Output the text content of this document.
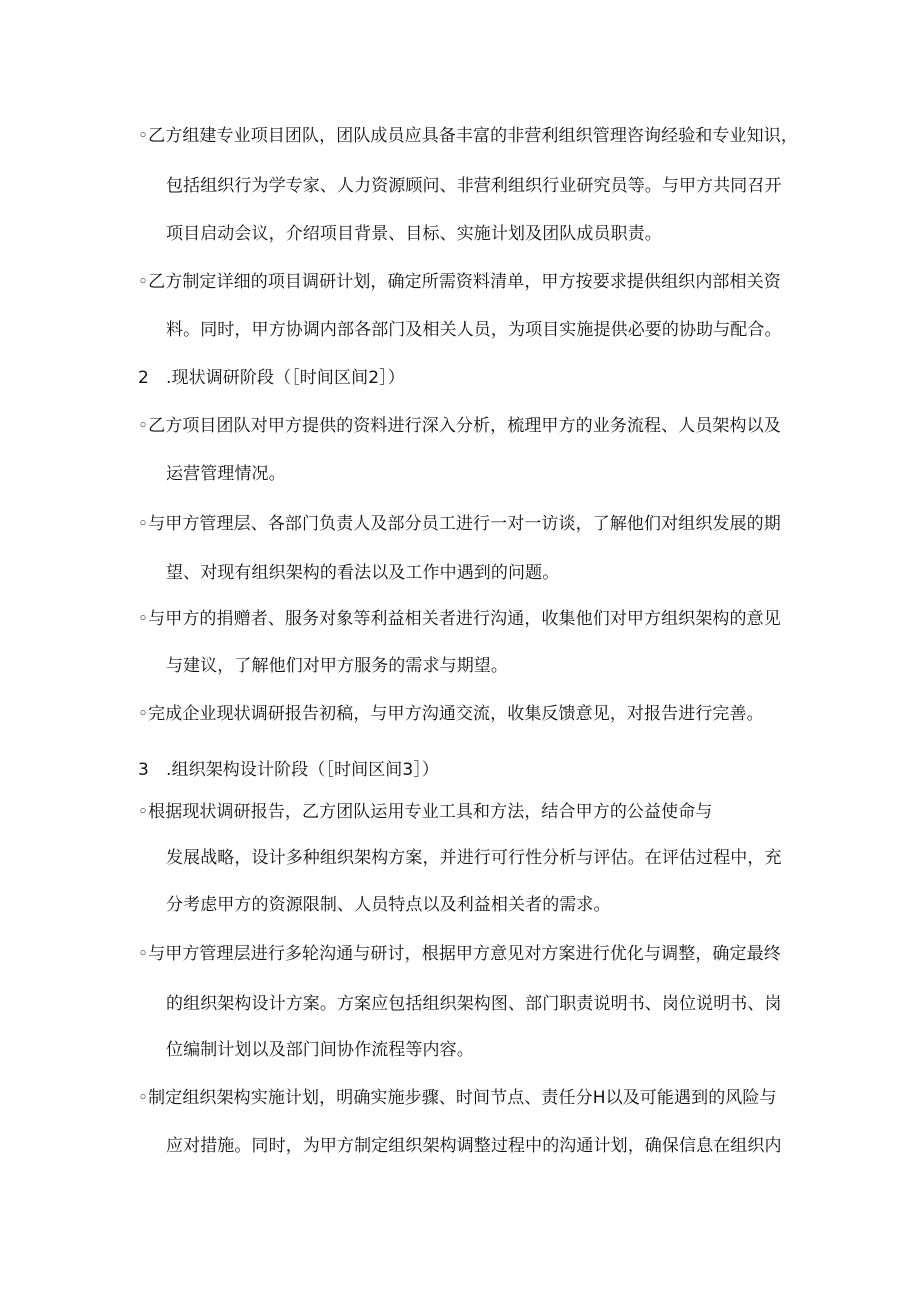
◦乙方组建专业项目团队，团队成员应具备丰富的非营利组织管理咨询经验和专业知识，
包括组织行为学专家、人力资源顾问、非营利组织行业研究员等。与甲方共同召开
项目启动会议，介绍项目背景、目标、实施计划及团队成员职责。
◦乙方制定详细的项目调研计划，确定所需资料清单，甲方按要求提供组织内部相关资
料。同时，甲方协调内部各部门及相关人员，为项目实施提供必要的协助与配合。
2 .现状调研阶段（［时间区间2］）
◦乙方项目团队对甲方提供的资料进行深入分析，梳理甲方的业务流程、人员架构以及
运营管理情况。
◦与甲方管理层、各部门负责人及部分员工进行一对一访谈，了解他们对组织发展的期
望、对现有组织架构的看法以及工作中遇到的问题。
◦与甲方的捐赠者、服务对象等利益相关者进行沟通，收集他们对甲方组织架构的意见
与建议，了解他们对甲方服务的需求与期望。
◦完成企业现状调研报告初稿，与甲方沟通交流，收集反馈意见，对报告进行完善。
3 .组织架构设计阶段（［时间区间3］）
◦根据现状调研报告，乙方团队运用专业工具和方法，结合甲方的公益使命与
发展战略，设计多种组织架构方案，并进行可行性分析与评估。在评估过程中，充
分考虑甲方的资源限制、人员特点以及利益相关者的需求。
◦与甲方管理层进行多轮沟通与研讨，根据甲方意见对方案进行优化与调整，确定最终
的组织架构设计方案。方案应包括组织架构图、部门职责说明书、岗位说明书、岗
位编制计划以及部门间协作流程等内容。
◦制定组织架构实施计划，明确实施步骤、时间节点、责任分H以及可能遇到的风险与
应对措施。同时，为甲方制定组织架构调整过程中的沟通计划，确保信息在组织内
